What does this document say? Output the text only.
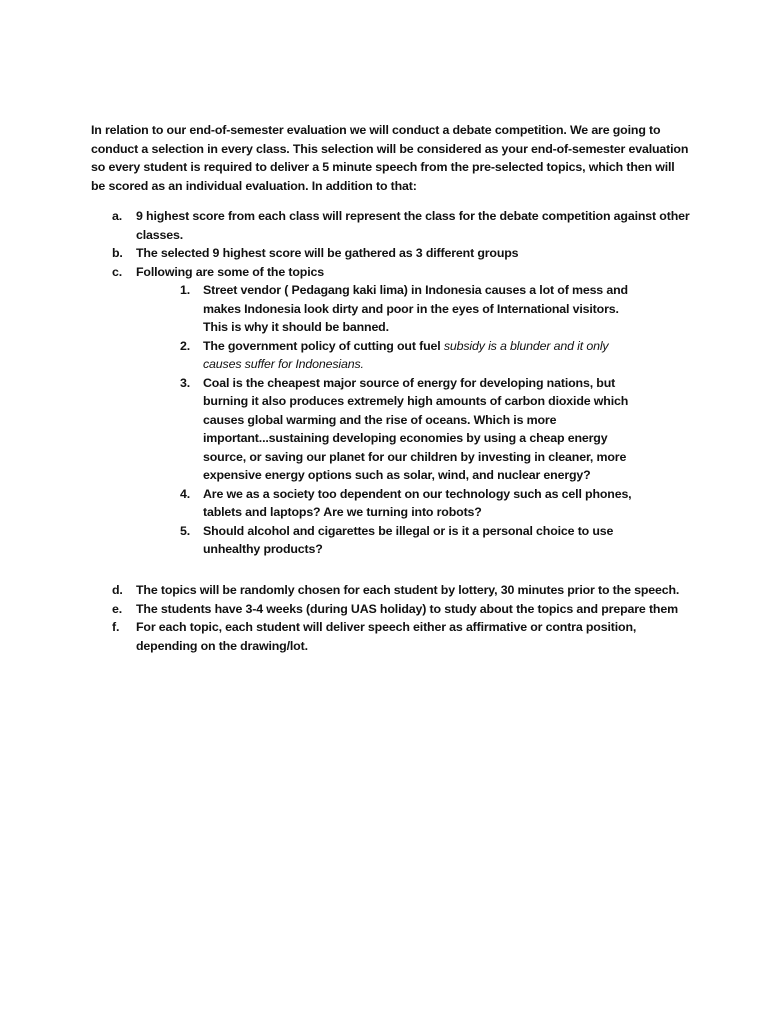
In relation to our end-of-semester evaluation we will conduct a debate competition. We are going to conduct a selection in every class. This selection will be considered as your end-of-semester evaluation so every student is required to deliver a 5 minute speech from the pre-selected topics, which then will be scored as an individual evaluation. In addition to that:

a. 9 highest score from each class will represent the class for the debate competition against other classes.
b. The selected 9 highest score will be gathered as 3 different groups
c. Following are some of the topics
1. Street vendor ( Pedagang kaki lima) in Indonesia causes a lot of mess and makes Indonesia look dirty and poor in the eyes of International visitors. This is why it should be banned.
2. The government policy of cutting out fuel subsidy is a blunder and it only causes suffer for Indonesians.
3. Coal is the cheapest major source of energy for developing nations, but burning it also produces extremely high amounts of carbon dioxide which causes global warming and the rise of oceans. Which is more important...sustaining developing economies by using a cheap energy source, or saving our planet for our children by investing in cleaner, more expensive energy options such as solar, wind, and nuclear energy?
4. Are we as a society too dependent on our technology such as cell phones, tablets and laptops? Are we turning into robots?
5. Should alcohol and cigarettes be illegal or is it a personal choice to use unhealthy products?
d. The topics will be randomly chosen for each student by lottery, 30 minutes prior to the speech.
e. The students have 3-4 weeks (during UAS holiday) to study about the topics and prepare them
f. For each topic, each student will deliver speech either as affirmative or contra position, depending on the drawing/lot.
